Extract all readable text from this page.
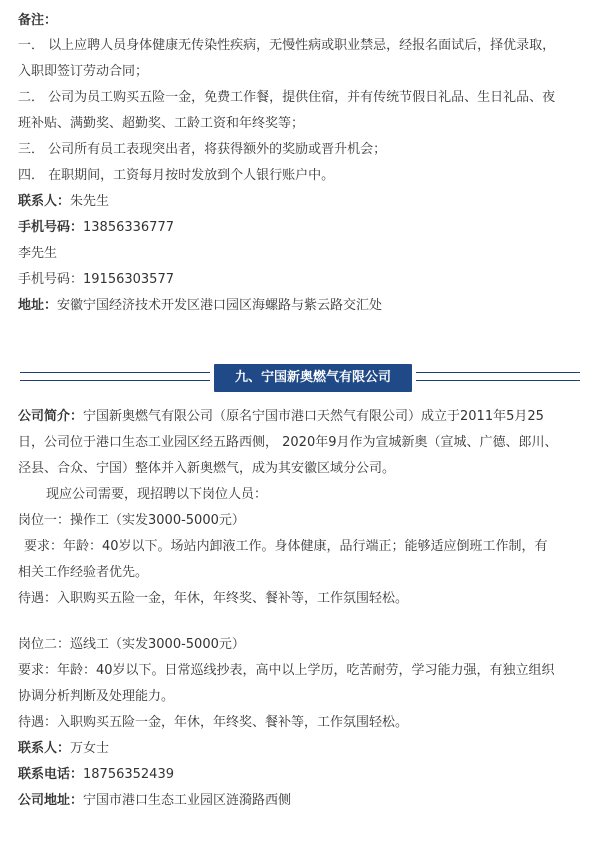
备注：
一． 以上应聘人员身体健康无传染性疾病，无慢性病或职业禁忌，经报名面试后，择优录取，
入职即签订劳动合同；
二． 公司为员工购买五险一金，免费工作餐，提供住宿，并有传统节假日礼品、生日礼品、夜
班补贴、满勤奖、超勤奖、工龄工资和年终奖等；
三． 公司所有员工表现突出者，将获得额外的奖励或晋升机会；
四． 在职期间，工资每月按时发放到个人银行账户中。
联系人：朱先生
手机号码：13856336777
李先生
手机号码：19156303577
地址：安徽宁国经济技术开发区港口园区海螺路与紫云路交汇处
九、宁国新奥燃气有限公司
公司简介：宁国新奥燃气有限公司（原名宁国市港口天然气有限公司）成立于2011年5月25
日，公司位于港口生态工业园区经五路西侧， 2020年9月作为宣城新奥（宣城、广德、郎川、
泾县、合众、宁国）整体并入新奥燃气，成为其安徽区域分公司。
现应公司需要，现招聘以下岗位人员：
岗位一：操作工（实发3000-5000元）
要求：年龄：40岁以下。场站内卸液工作。身体健康，品行端正；能够适应倒班工作制，有
相关工作经验者优先。
待遇：入职购买五险一金，年休，年终奖、餐补等，工作氛围轻松。
岗位二：巡线工（实发3000-5000元）
要求：年龄：40岁以下。日常巡线抄表，高中以上学历，吃苦耐劳，学习能力强，有独立组织
协调分析判断及处理能力。
待遇：入职购买五险一金，年休，年终奖、餐补等，工作氛围轻松。
联系人：万女士
联系电话：18756352439
公司地址：宁国市港口生态工业园区涟漪路西侧
